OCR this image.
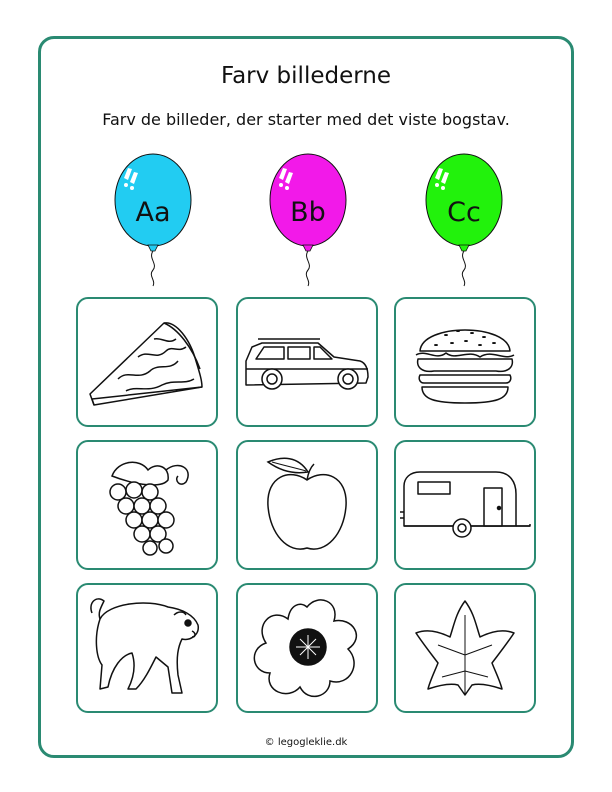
Farv billederne
Farv de billeder, der starter med det viste bogstav.
Aa	Bb	Cc
© legogleklie.dk
